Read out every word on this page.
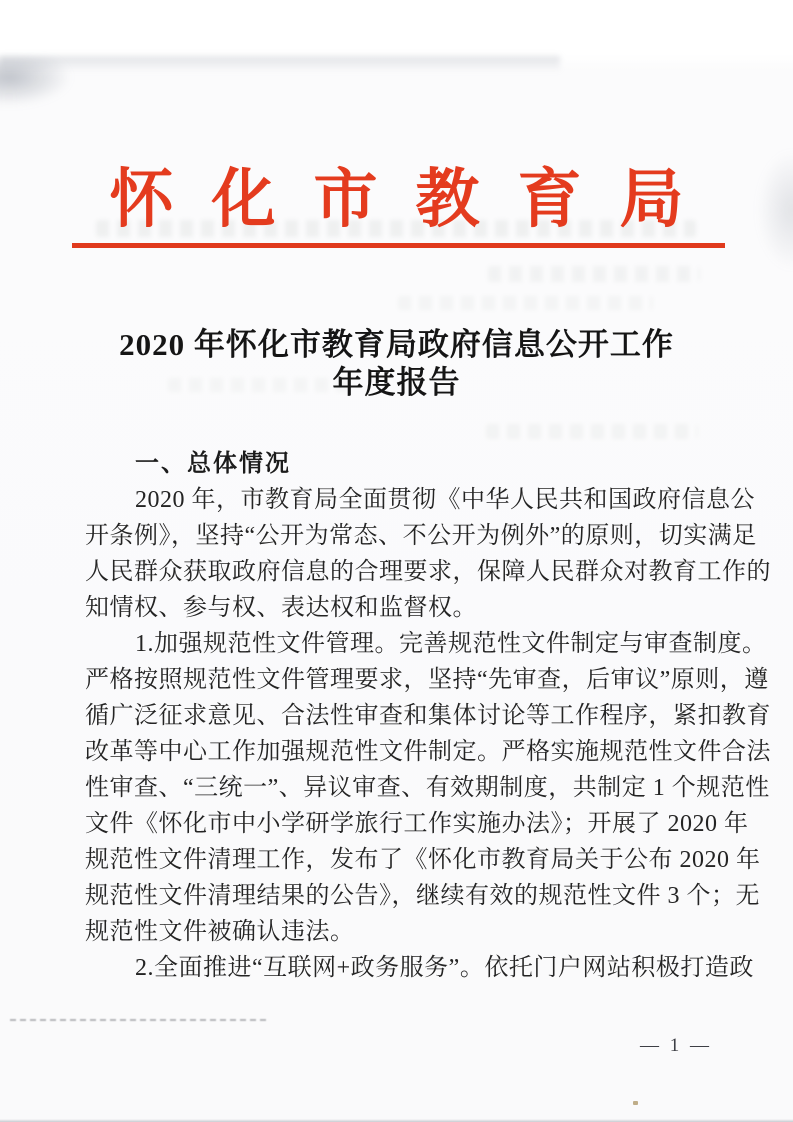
怀化市教育局
2020 年怀化市教育局政府信息公开工作
年度报告
一、总体情况
2020 年，市教育局全面贯彻《中华人民共和国政府信息公
开条例》，坚持“公开为常态、不公开为例外”的原则，切实满足
人民群众获取政府信息的合理要求，保障人民群众对教育工作的
知情权、参与权、表达权和监督权。
1.加强规范性文件管理。完善规范性文件制定与审查制度。
严格按照规范性文件管理要求，坚持“先审查，后审议”原则，遵
循广泛征求意见、合法性审查和集体讨论等工作程序，紧扣教育
改革等中心工作加强规范性文件制定。严格实施规范性文件合法
性审查、“三统一”、异议审查、有效期制度，共制定 1 个规范性
文件《怀化市中小学研学旅行工作实施办法》；开展了 2020 年
规范性文件清理工作，发布了《怀化市教育局关于公布 2020 年
规范性文件清理结果的公告》，继续有效的规范性文件 3 个；无
规范性文件被确认违法。
2.全面推进“互联网+政务服务”。依托门户网站积极打造政
— 1 —
